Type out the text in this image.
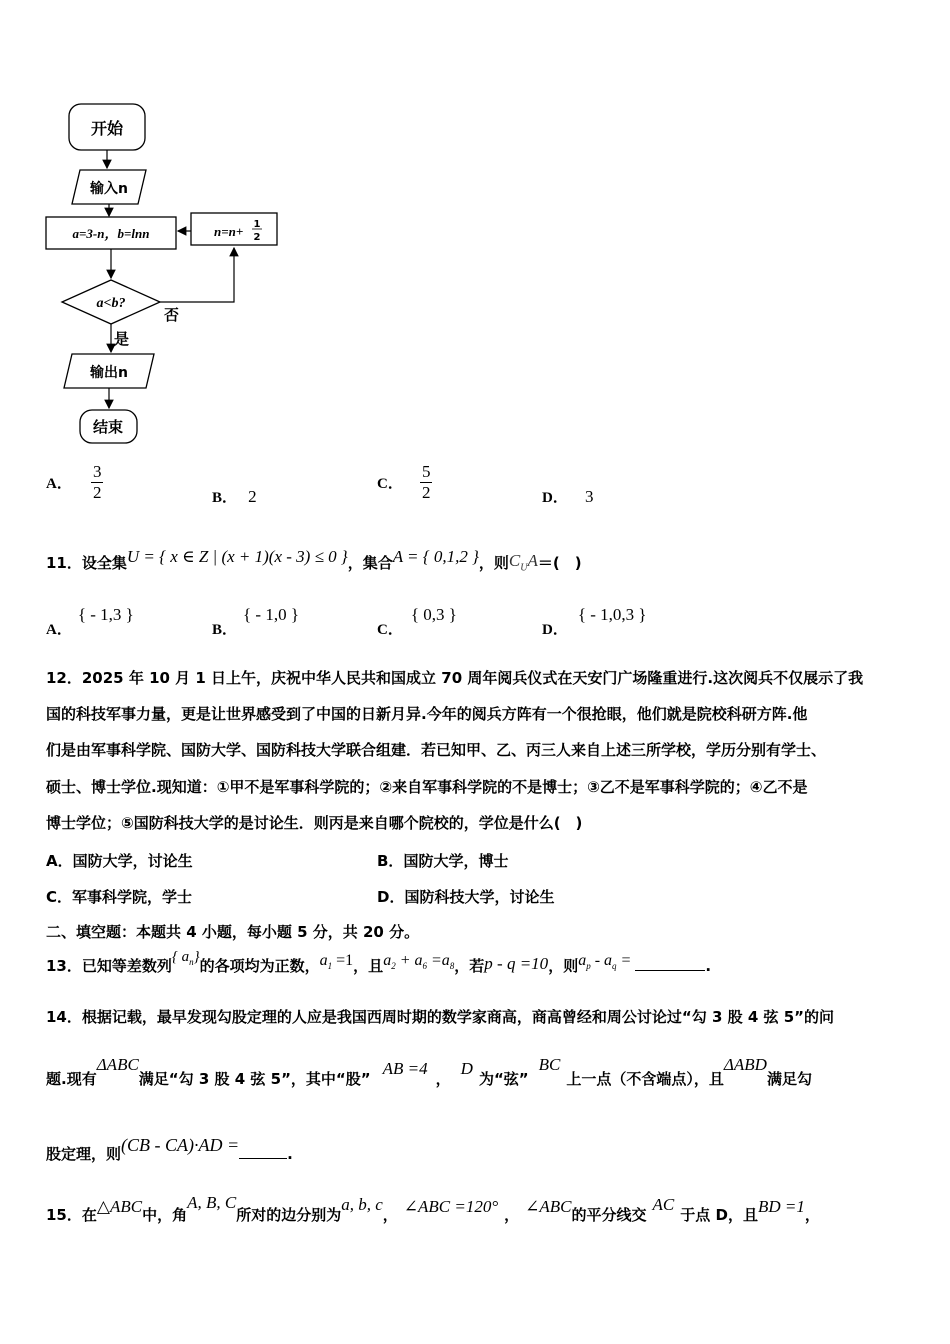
开始
输入n
a=3-n，b=lnn	n=n+ 1
2
a<b?
否
是
输出n
结束
A． $\frac{3}{2}$	B． 2
C． $\frac{5}{2}$	D． 3
11．设全集U = { x ∈ Z | (x + 1)(x - 3) ≤ 0 }，集合A = { 0,1,2 }，则$C_UA=$(　)
A．{ - 1,3 }
B．{ - 1,0 }
C．{ 0,3 }
D．{ - 1,0,3 }
12．2025 年 10 月 1 日上午，庆祝中华人民共和国成立 70 周年阅兵仪式在天安门广场隆重进行.这次阅兵不仅展示了我
国的科技军事力量，更是让世界感受到了中国的日新月异.今年的阅兵方阵有一个很抢眼，他们就是院校科研方阵.他
们是由军事科学院、国防大学、国防科技大学联合组建．若已知甲、乙、丙三人来自上述三所学校，学历分别有学士、
硕士、博士学位.现知道：①甲不是军事科学院的；②来自军事科学院的不是博士；③乙不是军事科学院的；④乙不是
博士学位；⑤国防科技大学的是讨论生．则丙是来自哪个院校的，学位是什么(　)
A．国防大学，讨论生	B．国防大学，博士
C．军事科学院，学士	D．国防科技大学，讨论生
二、填空题：本题共 4 小题，每小题 5 分，共 20 分。
13．已知等差数列{ $a_n$}的各项均为正数，$a_1 =1$，且$a_2 + a_6 =a_8$，若p - q =10，则$a_p - a_q$ =	.
14．根据记载，最早发现勾股定理的人应是我国西周时期的数学家商高，商高曾经和周公讨论过“勾 3 股 4 弦 5”的问
题.现有ΔABC满足“勾 3 股 4 弦 5”，其中“股”AB =4，D为“弦”BC上一点（不含端点），且ΔABD满足勾
股定理，则(CB - CA)·AD =	.
15．在△ABC中，角A, B, C所对的边分别为a, b, c， ∠ABC =120° ， ∠ABC的平分线交AC于点 D，且BD =1，
